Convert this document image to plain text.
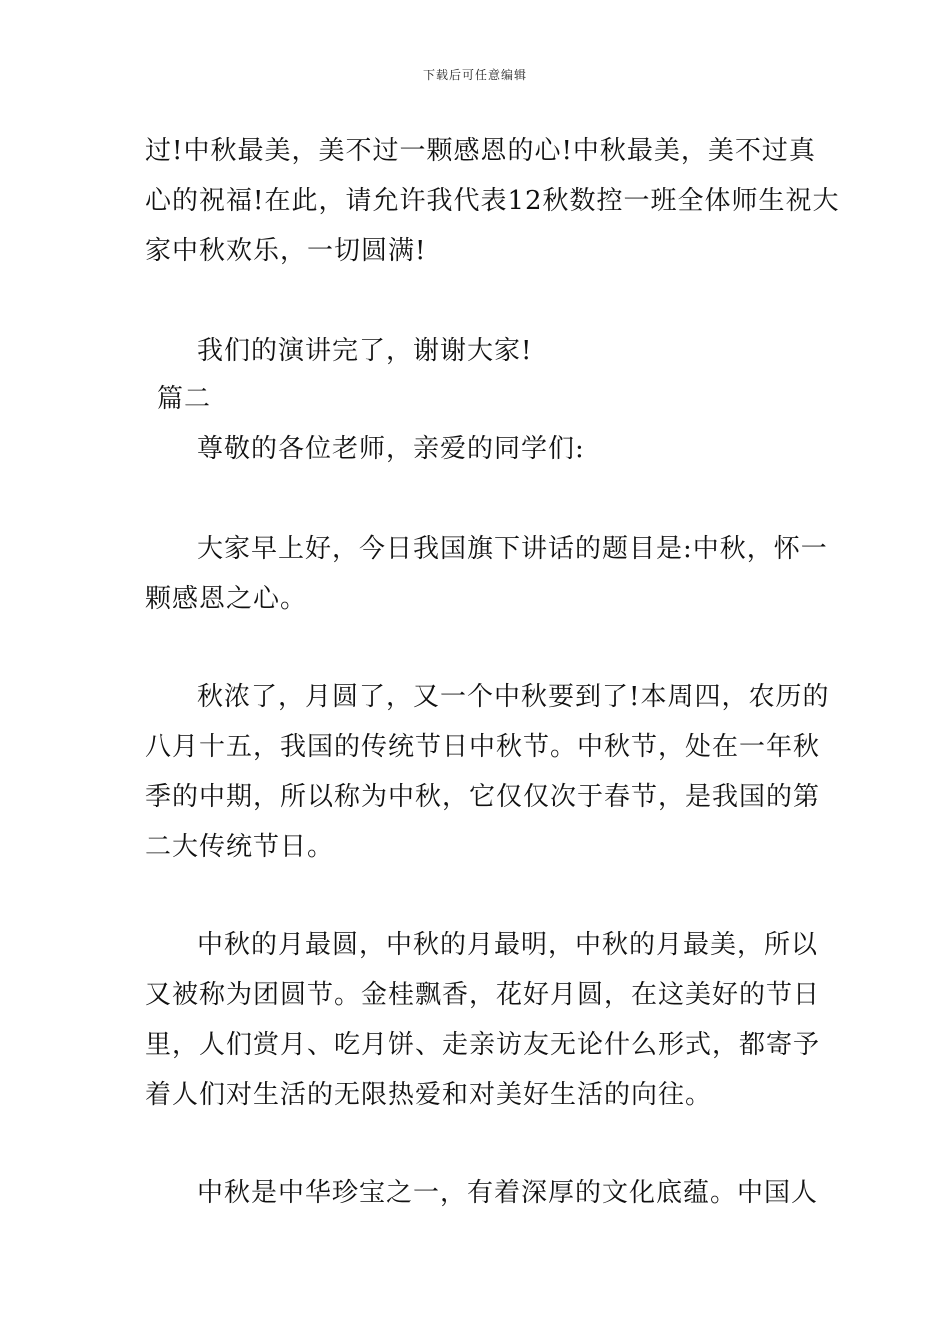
下载后可任意编辑
过!中秋最美，美不过一颗感恩的心!中秋最美，美不过真
心的祝福!在此，请允许我代表12秋数控一班全体师生祝大
家中秋欢乐，一切圆满!
我们的演讲完了，谢谢大家!
篇二
尊敬的各位老师，亲爱的同学们:
大家早上好，今日我国旗下讲话的题目是:中秋，怀一
颗感恩之心。
秋浓了，月圆了，又一个中秋要到了!本周四，农历的
八月十五，我国的传统节日中秋节。中秋节，处在一年秋
季的中期，所以称为中秋，它仅仅次于春节，是我国的第
二大传统节日。
中秋的月最圆，中秋的月最明，中秋的月最美，所以
又被称为团圆节。金桂飘香，花好月圆，在这美好的节日
里，人们赏月、吃月饼、走亲访友无论什么形式，都寄予
着人们对生活的无限热爱和对美好生活的向往。
中秋是中华珍宝之一，有着深厚的文化底蕴。中国人
